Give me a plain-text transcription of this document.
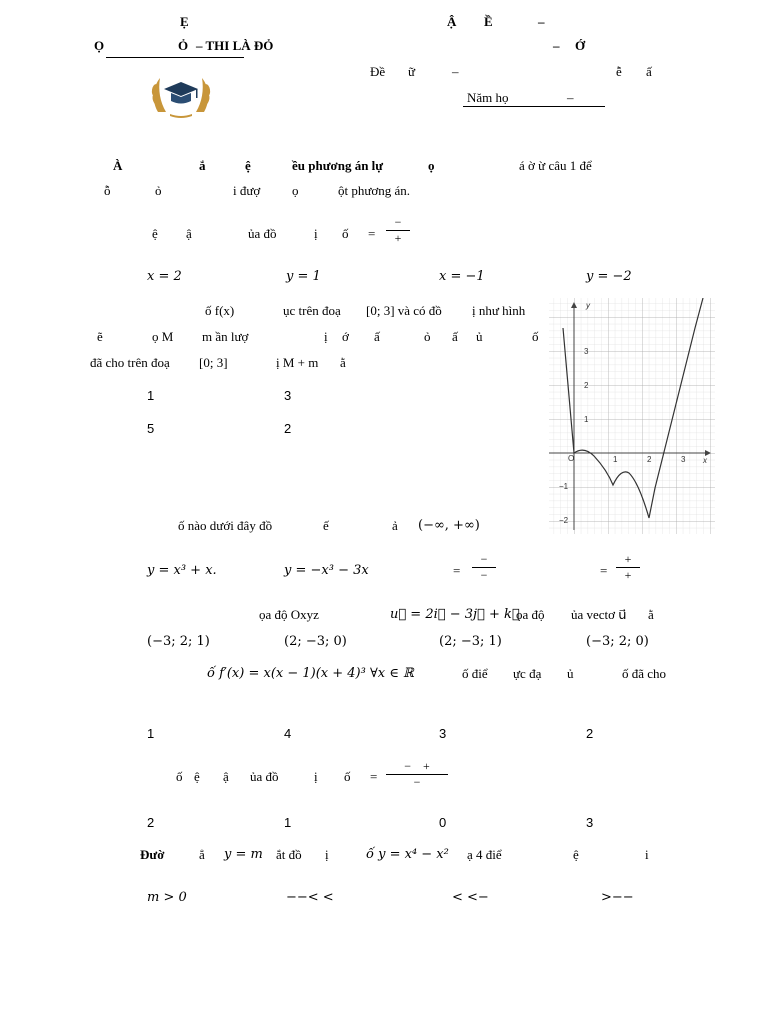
Ẹ	Ậ Ề	–
Ọ	Ỏ – THI LÀ ĐỎ	– Ớ
Đề ữ	–	ễ ấ
Năm họ	–
À	ắ	ệ	ều phương án lự	ọ	á ờ ừ câu 1 để
ỗ	ỏ	i đượ ọ	ột phương án.
ệ ậ	ủa đồ	ị ố =
−
+
x = 2	y = 1	x = −1	y = −2
ố f(x)	ục trên đoạ [0; 3] và có đồ ị như hình
ẽ	ọ M m ần lượ	ị ớ ấ	ỏ ấ ủ	ố
đã cho trên đoạ [0; 3]	ị M + m ằ
1	3
5	2
y
x
O	1	2	3
3
2
1
−1
−2
ố nào dưới đây đồ	ế	ả (−∞, +∞)
y = x³ + x.	y = −x³ − 3x	=
−
−	=
+
+
ọa độ Oxyz	u⃗ = 2i⃗ − 3j⃗ + k⃗
ọa độ ủa vectơ u⃗ ằ
(−3; 2; 1)	(2; −3; 0)	(2; −3; 1)	(−3; 2; 0)
ố f′(x) = x(x − 1)(x + 4)³ ∀x ∈ ℝ	ố điể ực đạ ủ	ố đã cho
1	4	3	2
ố ệ ậ ủa đồ	ị ố =
−    +
−
2	1	0	3
Đườ	ẳ y = m ắt đồ ị	ố y = x⁴ − x² ạ 4 điể	ệ	i
m > 0	−−< <	< <−	>−−
